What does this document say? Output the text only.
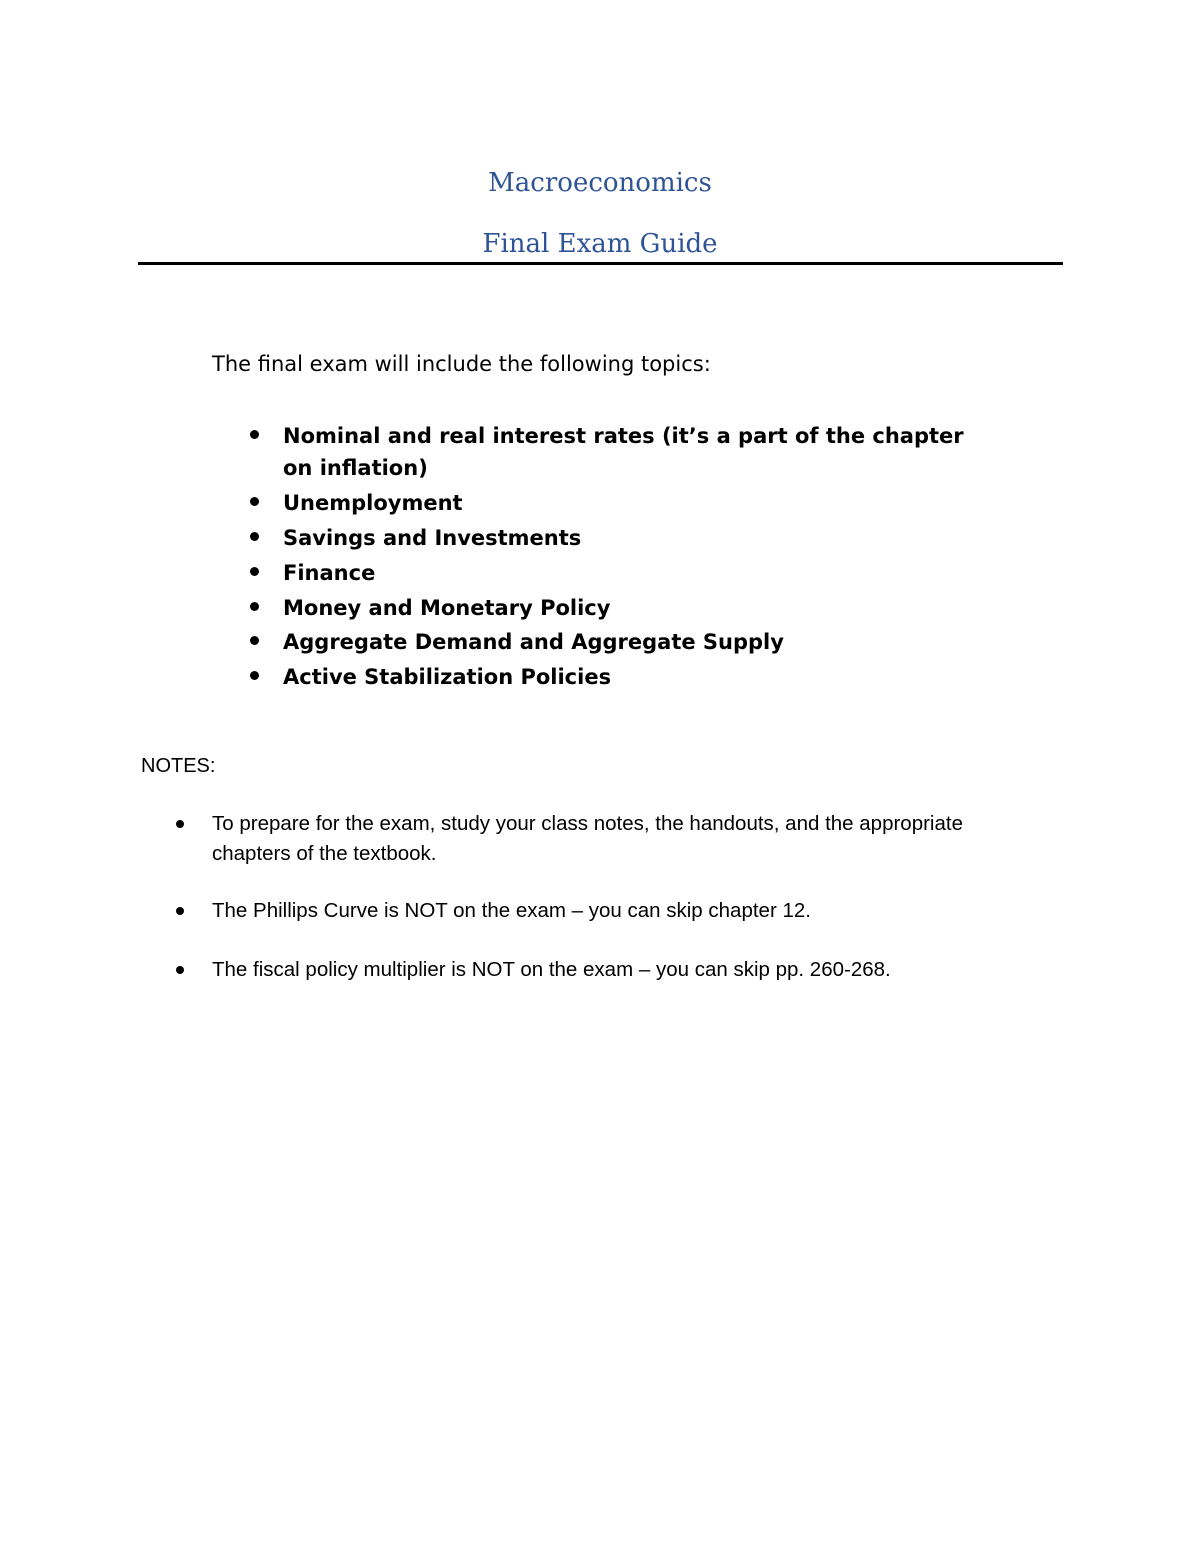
Macroeconomics
Final Exam Guide
The final exam will include the following topics:
Nominal and real interest rates (it’s a part of the chapter on inflation)
Unemployment
Savings and Investments
Finance
Money and Monetary Policy
Aggregate Demand and Aggregate Supply
Active Stabilization Policies
NOTES:
To prepare for the exam, study your class notes, the handouts, and the appropriate chapters of the textbook.
The Phillips Curve is NOT on the exam – you can skip chapter 12.
The fiscal policy multiplier is NOT on the exam – you can skip pp. 260-268.
